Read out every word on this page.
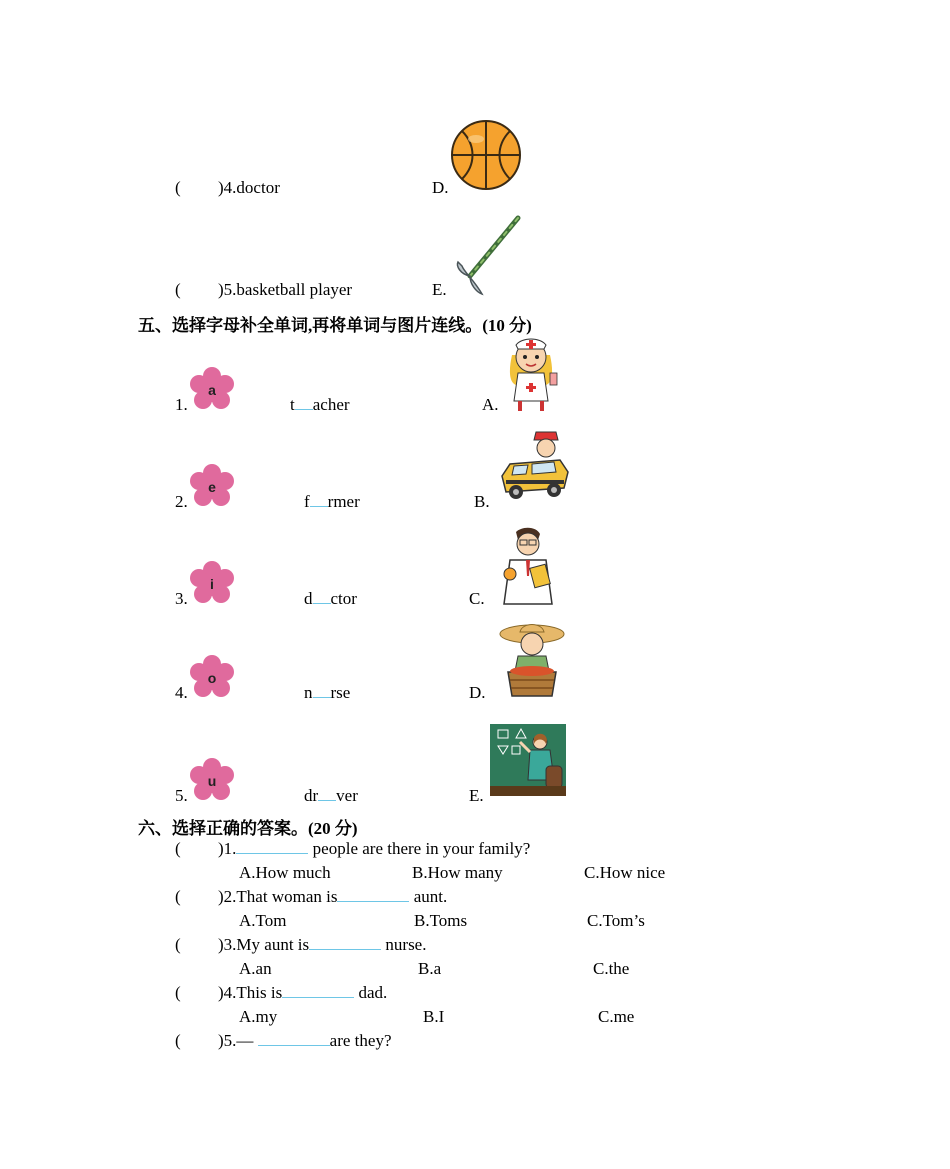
( )4.doctor	D.
( )5.basketball player	E.
五、选择字母补全单词,再将单词与图片连线。(10 分)
1.
a
t acher	A.
2.
e
f rmer	B.
3.
i
d ctor	C.
4.
o
n rse	D.
5.
u
dr ver	E.
六、选择正确的答案。(20 分)
( )1.	people are there in your family?
A.How much	B.How many	C.How nice
( )2.That woman is	aunt.
A.Tom	B.Toms	C.Tom’s
( )3.My aunt is	nurse.
A.an	B.a	C.the
( )4.This is	dad.
A.my	B.I	C.me
( )5.—	are they?
